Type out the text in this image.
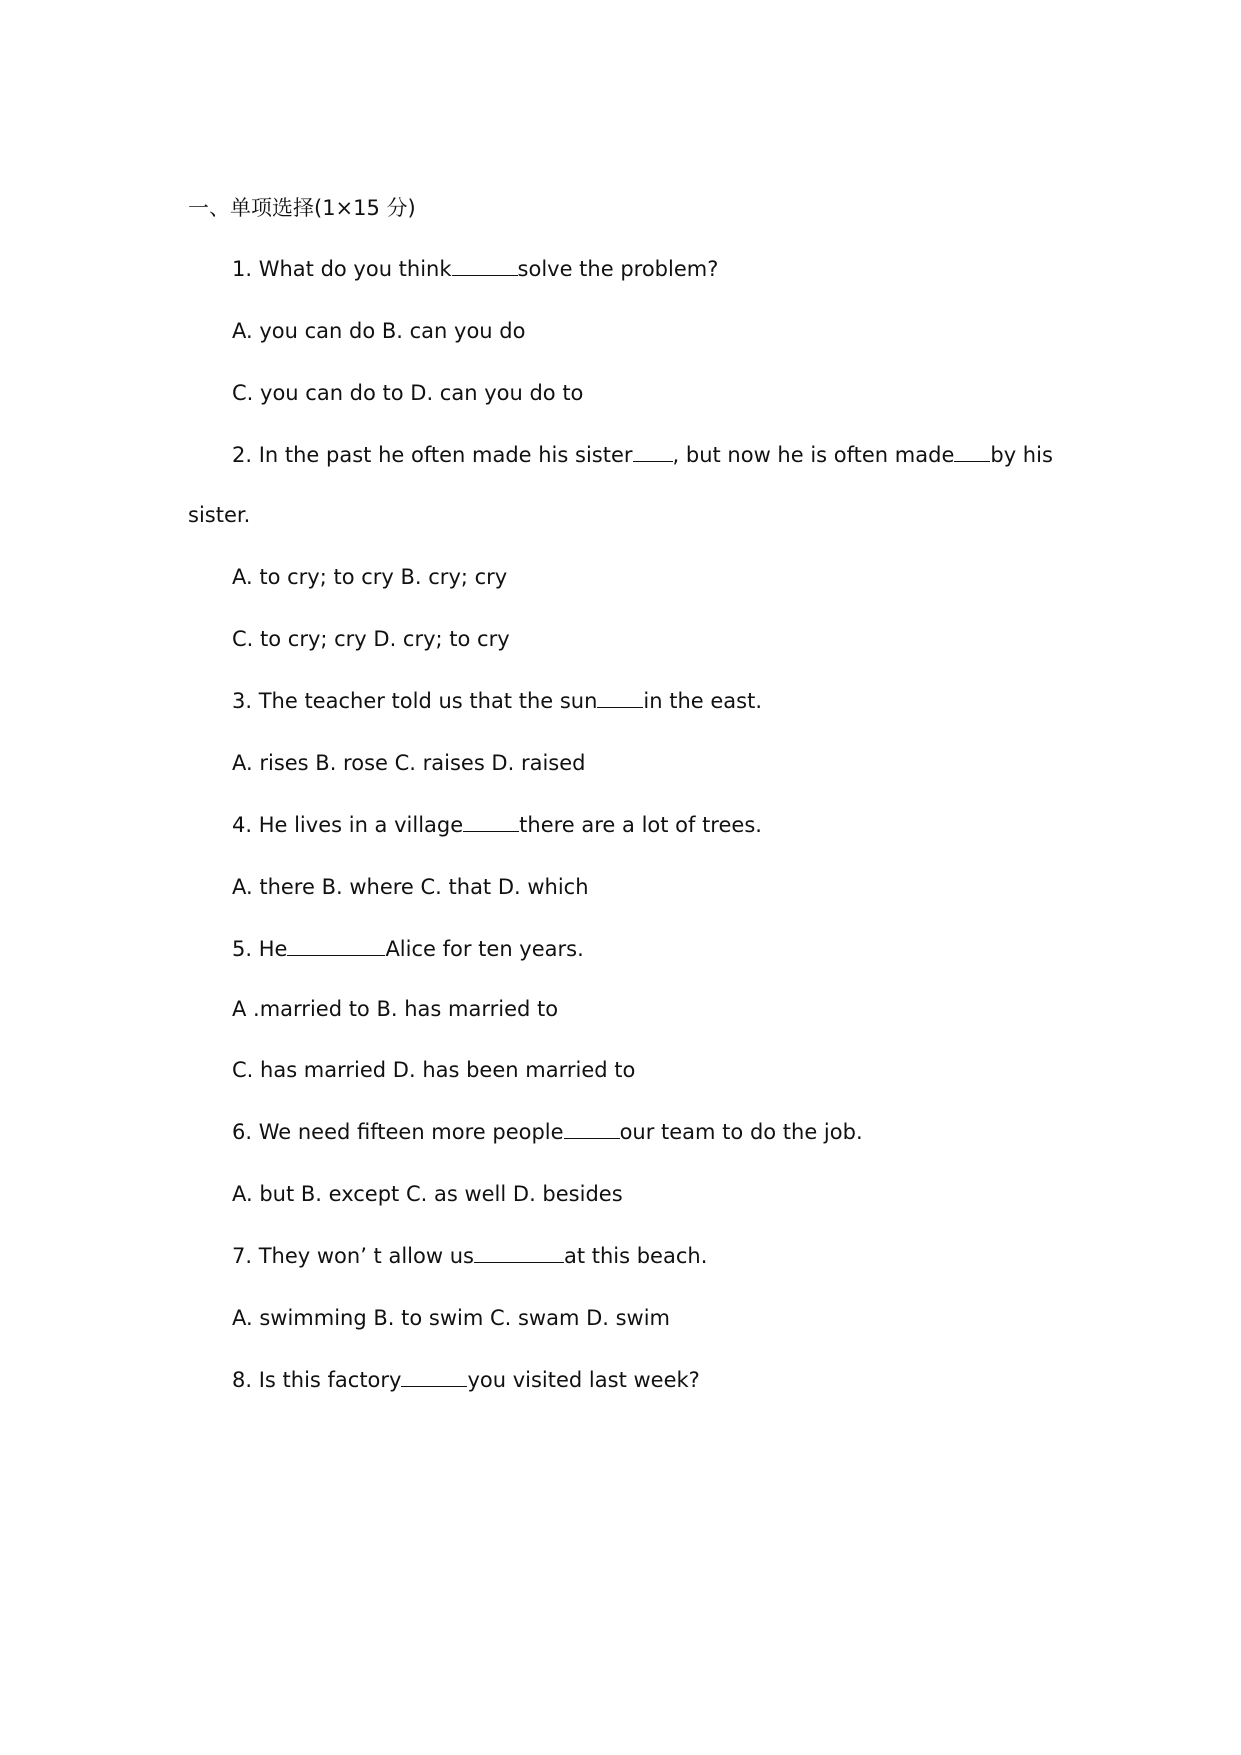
一、单项选择(1×15 分)
1. What do you think	solve the problem?
A. you can do B. can you do
C. you can do to D. can you do to
2. In the past he often made his sister , but now he is often made by his
sister.
A. to cry; to cry B. cry; cry
C. to cry; cry D. cry; to cry
3. The teacher told us that the sun in the east.
A. rises B. rose C. raises D. raised
4. He lives in a village	there are a lot of trees.
A. there B. where C. that D. which
5. He	Alice for ten years.
A .married to B. has married to
C. has married D. has been married to
6. We need fifteen more people	our team to do the job.
A. but B. except C. as well D. besides
7. They won’ t allow us	at this beach.
A. swimming B. to swim C. swam D. swim
8. Is this factory	you visited last week?
